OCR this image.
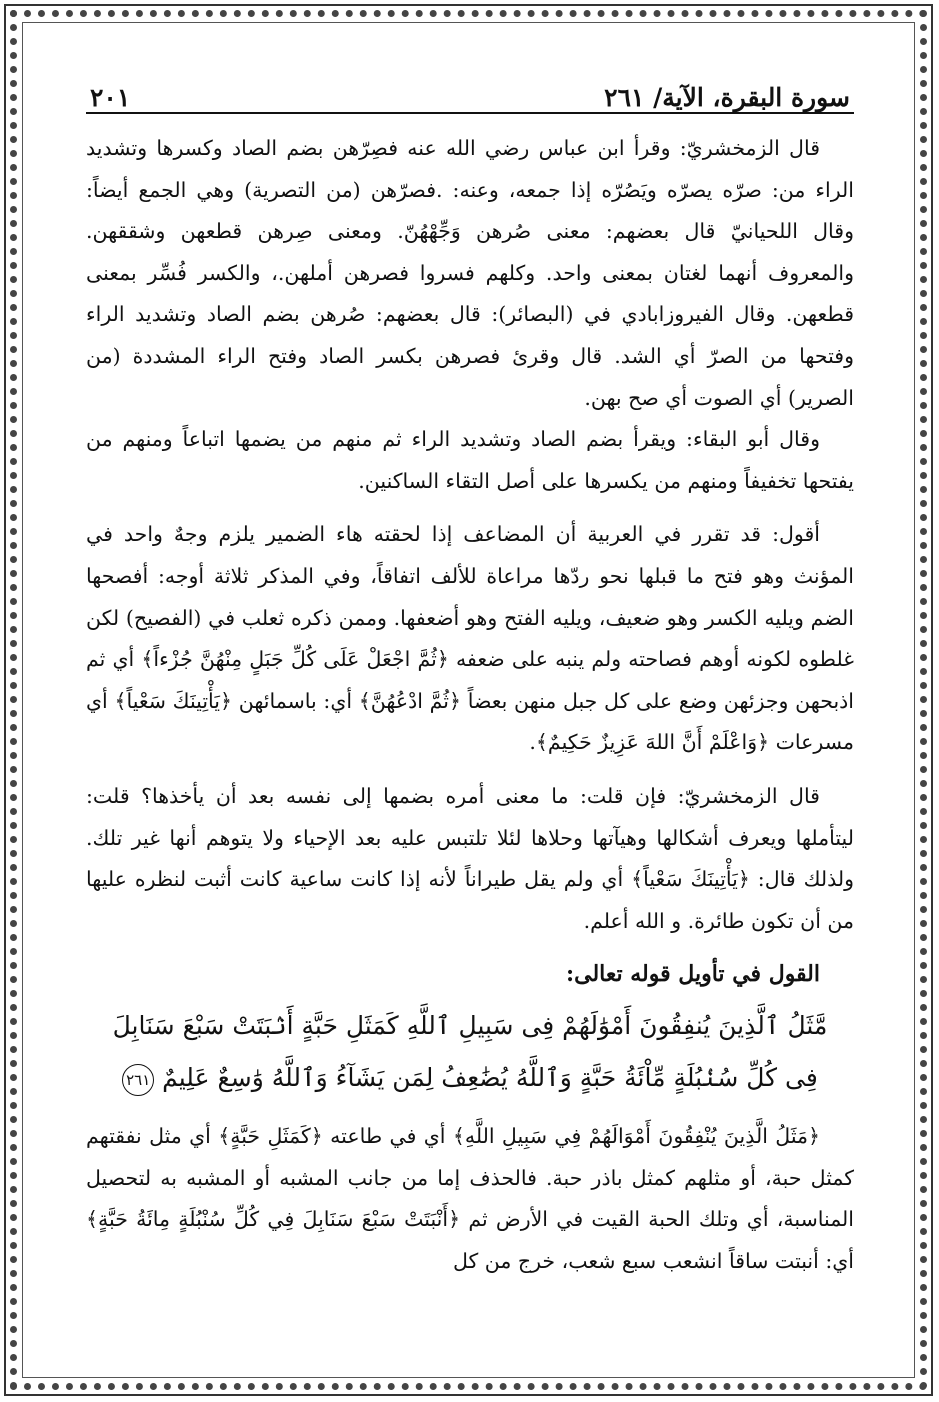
سورة البقرة، الآية/ ٢٦١
٢٠١

قال الزمخشريّ: وقرأ ابن عباس رضي الله عنه فصِرّهن بضم الصاد وكسرها وتشديد الراء من: صرّه يصرّه ويَصُرّه إذا جمعه، وعنه: .فصرّهن (من التصرية) وهي الجمع أيضاً: وقال اللحيانيّ قال بعضهم: معنى صُرهن وَجِّهْهُنّ. ومعنى صِرهن قطعهن وشققهن. والمعروف أنهما لغتان بمعنى واحد. وكلهم فسروا فصرهن أملهن.، والكسر فُسِّر بمعنى قطعهن. وقال الفيروزابادي في (البصائر): قال بعضهم: صُرهن بضم الصاد وتشديد الراء وفتحها من الصرّ أي الشد. قال وقرئ فصرهن بكسر الصاد وفتح الراء المشددة (من الصرير) أي الصوت أي صح بهن.

وقال أبو البقاء: ويقرأ بضم الصاد وتشديد الراء ثم منهم من يضمها اتباعاً ومنهم من يفتحها تخفيفاً ومنهم من يكسرها على أصل التقاء الساكنين.

أقول: قد تقرر في العربية أن المضاعف إذا لحقته هاء الضمير يلزم وجهٌ واحد في المؤنث وهو فتح ما قبلها نحو ردّها مراعاة للألف اتفاقاً، وفي المذكر ثلاثة أوجه: أفصحها الضم ويليه الكسر وهو ضعيف، ويليه الفتح وهو أضعفها. وممن ذكره ثعلب في (الفصيح) لكن غلطوه لكونه أوهم فصاحته ولم ينبه على ضعفه ﴿ثُمَّ اجْعَلْ عَلَى كُلِّ جَبَلٍ مِنْهُنَّ جُزْءاً﴾ أي ثم اذبحهن وجزئهن وضع على كل جبل منهن بعضاً ﴿ثُمَّ ادْعُهُنَّ﴾ أي: باسمائهن ﴿يَأْتِينَكَ سَعْياً﴾ أي مسرعات ﴿وَاعْلَمْ أَنَّ اللهَ عَزِيزٌ حَكِيمٌ﴾.

قال الزمخشريّ: فإن قلت: ما معنى أمره بضمها إلى نفسه بعد أن يأخذها؟ قلت: ليتأملها ويعرف أشكالها وهيآتها وحلاها لئلا تلتبس عليه بعد الإحياء ولا يتوهم أنها غير تلك. ولذلك قال: ﴿يَأْتِينَكَ سَعْياً﴾ أي ولم يقل طيراناً لأنه إذا كانت ساعية كانت أثبت لنظره عليها من أن تكون طائرة. و الله أعلم.

القول في تأويل قوله تعالى:
مَّثَلُ ٱلَّذِينَ يُنفِقُونَ أَمْوَٰلَهُمْ فِى سَبِيلِ ٱللَّهِ كَمَثَلِ حَبَّةٍ أَنۢبَتَتْ سَبْعَ سَنَابِلَ فِى كُلِّ سُنۢبُلَةٍ مِّاْئَةُ حَبَّةٍ وَٱللَّهُ يُضَٰعِفُ لِمَن يَشَآءُ وَٱللَّهُ وَٰسِعٌ عَلِيمٌ ٢٦١

﴿مَثَلُ الَّذِينَ يُنْفِقُونَ أَمْوَالَهُمْ فِي سَبِيلِ اللَّهِ﴾ أي في طاعته ﴿كَمَثَلِ حَبَّةٍ﴾ أي مثل نفقتهم كمثل حبة، أو مثلهم كمثل باذر حبة. فالحذف إما من جانب المشبه أو المشبه به لتحصيل المناسبة، أي وتلك الحبة القيت في الأرض ثم ﴿أَنْبَتَتْ سَبْعَ سَنَابِلَ فِي كُلِّ سُنْبُلَةٍ مِائَةُ حَبَّةٍ﴾ أي: أنبتت ساقاً انشعب سبع شعب، خرج من كل
